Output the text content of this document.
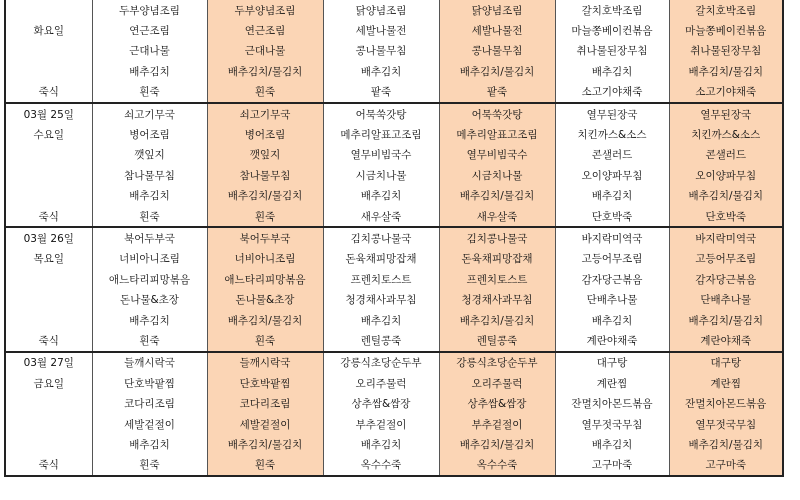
	두부양념조림	두부양념조림	닭양념조림	닭양념조림	갈치호박조림	갈치호박조림
화요일	연근조림	연근조림	세발나물전	세발나물전	마늘쫑베이컨볶음	마늘쫑베이컨볶음
	근대나물	근대나물	콩나물무침	콩나물무침	취나물된장무침	취나물된장무침
	배추김치	배추김치/물김치	배추김치	배추김치/물김치	배추김치	배추김치/물김치
죽식	흰죽	흰죽	팥죽	팥죽	소고기야채죽	소고기야채죽
03월 25일	쇠고기무국	쇠고기무국	어묵쑥갓탕	어묵쑥갓탕	열무된장국	열무된장국
수요일	병어조림	병어조림	메추리알표고조림	메추리알표고조림	치킨까스&소스	치킨까스&소스
	깻잎지	깻잎지	열무비빔국수	열무비빔국수	콘샐러드	콘샐러드
	참나물무침	참나물무침	시금치나물	시금치나물	오이양파무침	오이양파무침
	배추김치	배추김치/물김치	배추김치	배추김치/물김치	배추김치	배추김치/물김치
죽식	흰죽	흰죽	새우살죽	새우살죽	단호박죽	단호박죽
03월 26일	북어두부국	북어두부국	김치콩나물국	김치콩나물국	바지락미역국	바지락미역국
목요일	너비아니조림	너비아니조림	돈육채피망잡채	돈육채피망잡채	고등어무조림	고등어무조림
	애느타리피망볶음	애느타리피망볶음	프렌치토스트	프렌치토스트	감자당근볶음	감자당근볶음
	돈나물&초장	돈나물&초장	청경채사과무침	청경채사과무침	단배추나물	단배추나물
	배추김치	배추김치/물김치	배추김치	배추김치/물김치	배추김치	배추김치/물김치
죽식	흰죽	흰죽	렌틸콩죽	렌틸콩죽	계란야채죽	계란야채죽
03월 27일	들깨시락국	들깨시락국	강릉식초당순두부	강릉식초당순두부	대구탕	대구탕
금요일	단호박팥찜	단호박팥찜	오리주물럭	오리주물럭	계란찜	계란찜
	코다리조림	코다리조림	상추쌈&쌈장	상추쌈&쌈장	잔멸치아몬드볶음	잔멸치아몬드볶음
	세발겉절이	세발겉절이	부추겉절이	부추겉절이	열무젓국무침	열무젓국무침
	배추김치	배추김치/물김치	배추김치	배추김치/물김치	배추김치	배추김치/물김치
죽식	흰죽	흰죽	옥수수죽	옥수수죽	고구마죽	고구마죽
